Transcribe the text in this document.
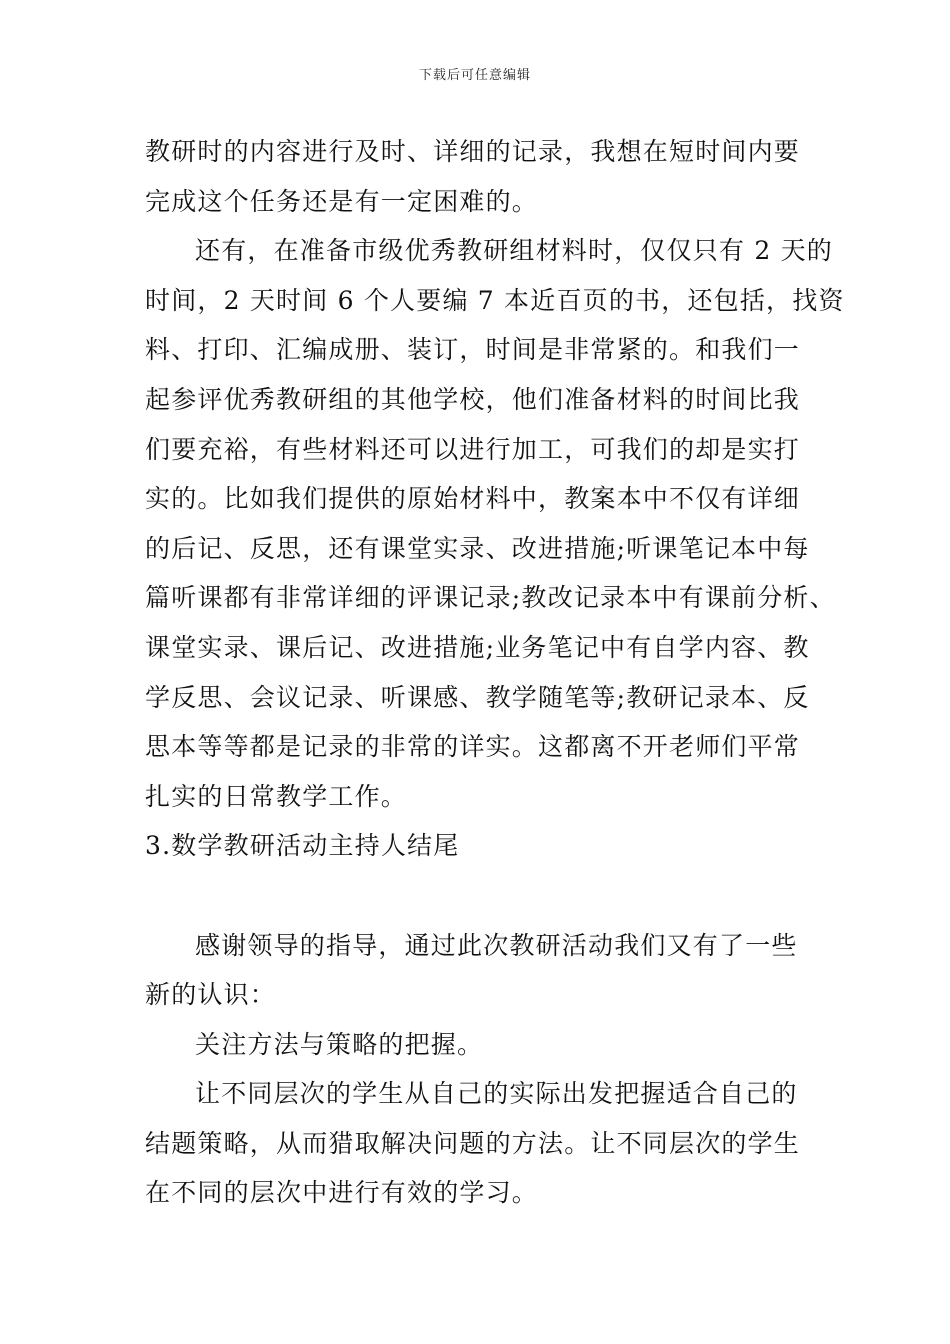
下载后可任意编辑

教研时的内容进行及时、详细的记录，我想在短时间内要

完成这个任务还是有一定困难的。

还有，在准备市级优秀教研组材料时，仅仅只有 2 天的

时间，2 天时间 6 个人要编 7 本近百页的书，还包括，找资

料、打印、汇编成册、装订，时间是非常紧的。和我们一

起参评优秀教研组的其他学校，他们准备材料的时间比我

们要充裕，有些材料还可以进行加工，可我们的却是实打

实的。比如我们提供的原始材料中，教案本中不仅有详细

的后记、反思，还有课堂实录、改进措施;听课笔记本中每

篇听课都有非常详细的评课记录;教改记录本中有课前分析、

课堂实录、课后记、改进措施;业务笔记中有自学内容、教

学反思、会议记录、听课感、教学随笔等;教研记录本、反

思本等等都是记录的非常的详实。这都离不开老师们平常

扎实的日常教学工作。

3.数学教研活动主持人结尾

感谢领导的指导，通过此次教研活动我们又有了一些

新的认识：

关注方法与策略的把握。

让不同层次的学生从自己的实际出发把握适合自己的

结题策略，从而猎取解决问题的方法。让不同层次的学生

在不同的层次中进行有效的学习。
